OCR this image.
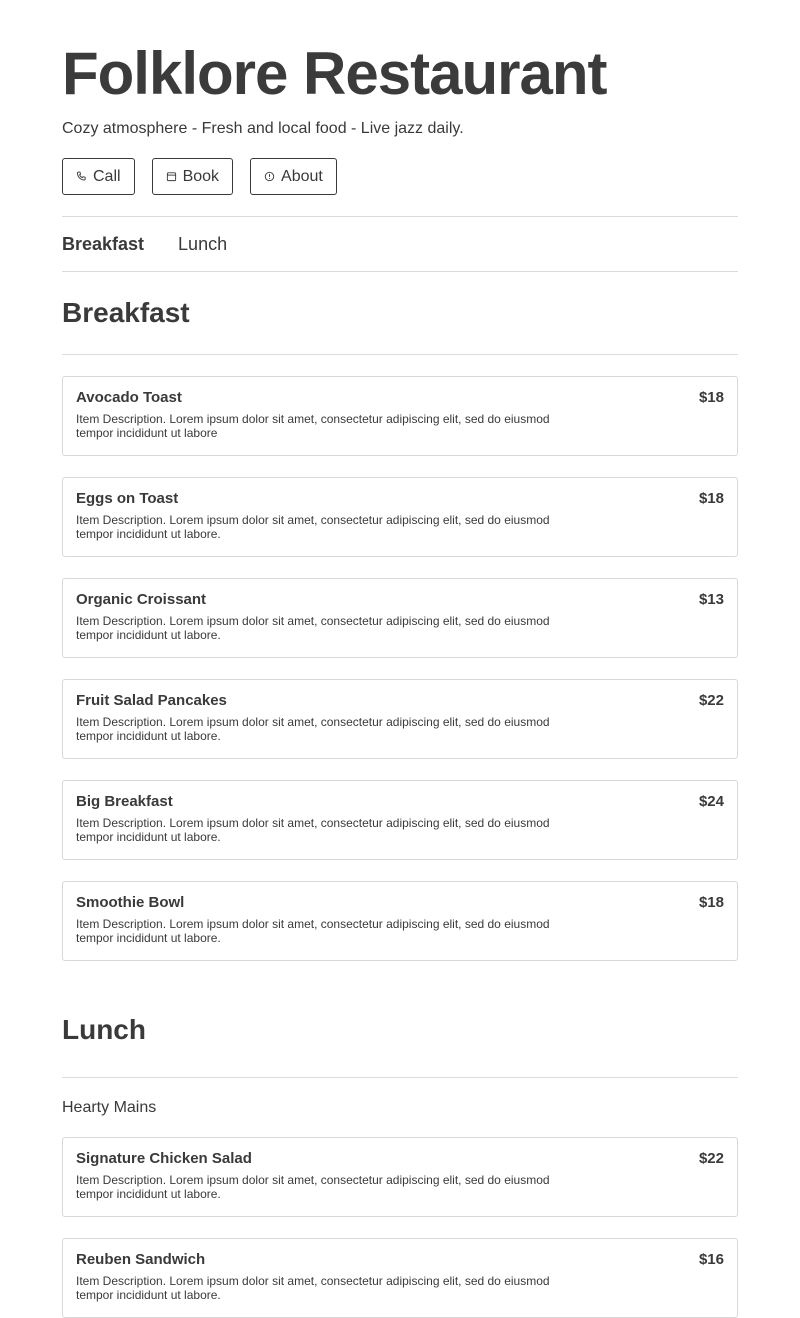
Folklore Restaurant

Cozy atmosphere - Fresh and local food - Live jazz daily.

Call	Book	About
Breakfast Lunch
Breakfast
Avocado Toast	$18

Item Description. Lorem ipsum dolor sit amet, consectetur adipiscing elit, sed do eiusmod tempor incididunt ut labore

Eggs on Toast	$18

Item Description. Lorem ipsum dolor sit amet, consectetur adipiscing elit, sed do eiusmod tempor incididunt ut labore.

Organic Croissant	$13

Item Description. Lorem ipsum dolor sit amet, consectetur adipiscing elit, sed do eiusmod tempor incididunt ut labore.

Fruit Salad Pancakes	$22

Item Description. Lorem ipsum dolor sit amet, consectetur adipiscing elit, sed do eiusmod tempor incididunt ut labore.

Big Breakfast	$24

Item Description. Lorem ipsum dolor sit amet, consectetur adipiscing elit, sed do eiusmod tempor incididunt ut labore.

Smoothie Bowl	$18

Item Description. Lorem ipsum dolor sit amet, consectetur adipiscing elit, sed do eiusmod tempor incididunt ut labore.

Lunch

Hearty Mains

Signature Chicken Salad	$22

Item Description. Lorem ipsum dolor sit amet, consectetur adipiscing elit, sed do eiusmod tempor incididunt ut labore.

Reuben Sandwich	$16

Item Description. Lorem ipsum dolor sit amet, consectetur adipiscing elit, sed do eiusmod tempor incididunt ut labore.
